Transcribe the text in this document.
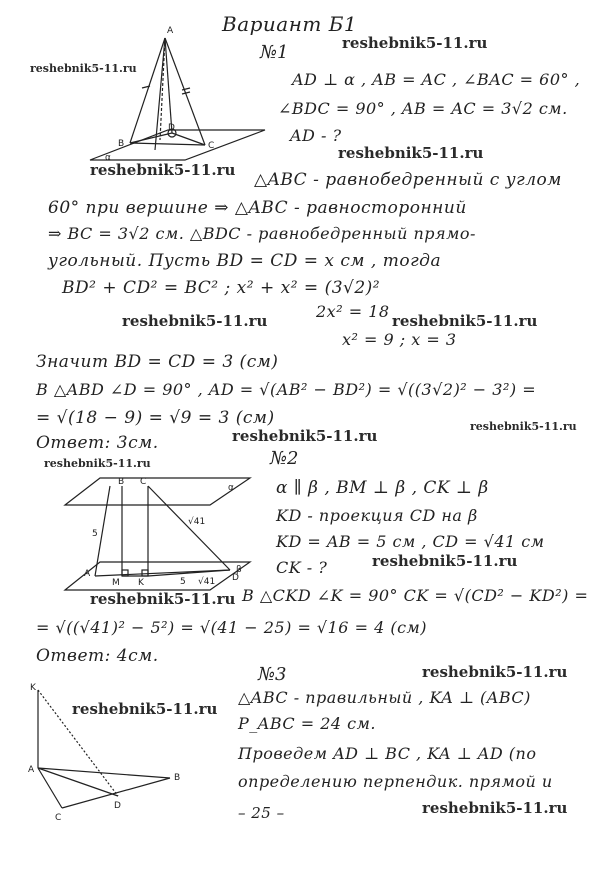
A
B	C
D
α
B C
α
β
A
M K	D
5
5
√41
√41
K
A
B
C
D
Вариант Б1
reshebnik5-11.ru
reshebnik5-11.ru
reshebnik5-11.ru
reshebnik5-11.ru
reshebnik5-11.ru	reshebnik5-11.ru
reshebnik5-11.ru
reshebnik5-11.ru
reshebnik5-11.ru
reshebnik5-11.ru
reshebnik5-11.ru
reshebnik5-11.ru
reshebnik5-11.ru
reshebnik5-11.ru
№1
AD ⊥ α , AB = AC , ∠BAC = 60° ,
∠BDC = 90° , AB = AC = 3√2 см.
AD - ?
△ABC - равнобедренный с углом
60° при вершине ⇒ △ABC - равносторонний
⇒ BC = 3√2 см. △BDC - равнобедренный прямо-
угольный. Пусть BD = CD = x см , тогда
BD² + CD² = BC² ; x² + x² = (3√2)²
2x² = 18
x² = 9 ; x = 3
Значит BD = CD = 3 (см)
В △ABD ∠D = 90° , AD = √(AB² − BD²) = √((3√2)² − 3²) =
= √(18 − 9) = √9 = 3 (см)
Ответ: 3см.
№2
α ∥ β , BM ⊥ β , CK ⊥ β
KD - проекция CD на β
KD = AB = 5 см , CD = √41 см
CK - ?
В △CKD ∠K = 90° CK = √(CD² − KD²) =
= √((√41)² − 5²) = √(41 − 25) = √16 = 4 (см)
Ответ: 4см.
№3
△ABC - правильный , KA ⊥ (ABC)
P_ABC = 24 см.
Проведем AD ⊥ BC , KA ⊥ AD (по
определению перпендик. прямой и
– 25 –
